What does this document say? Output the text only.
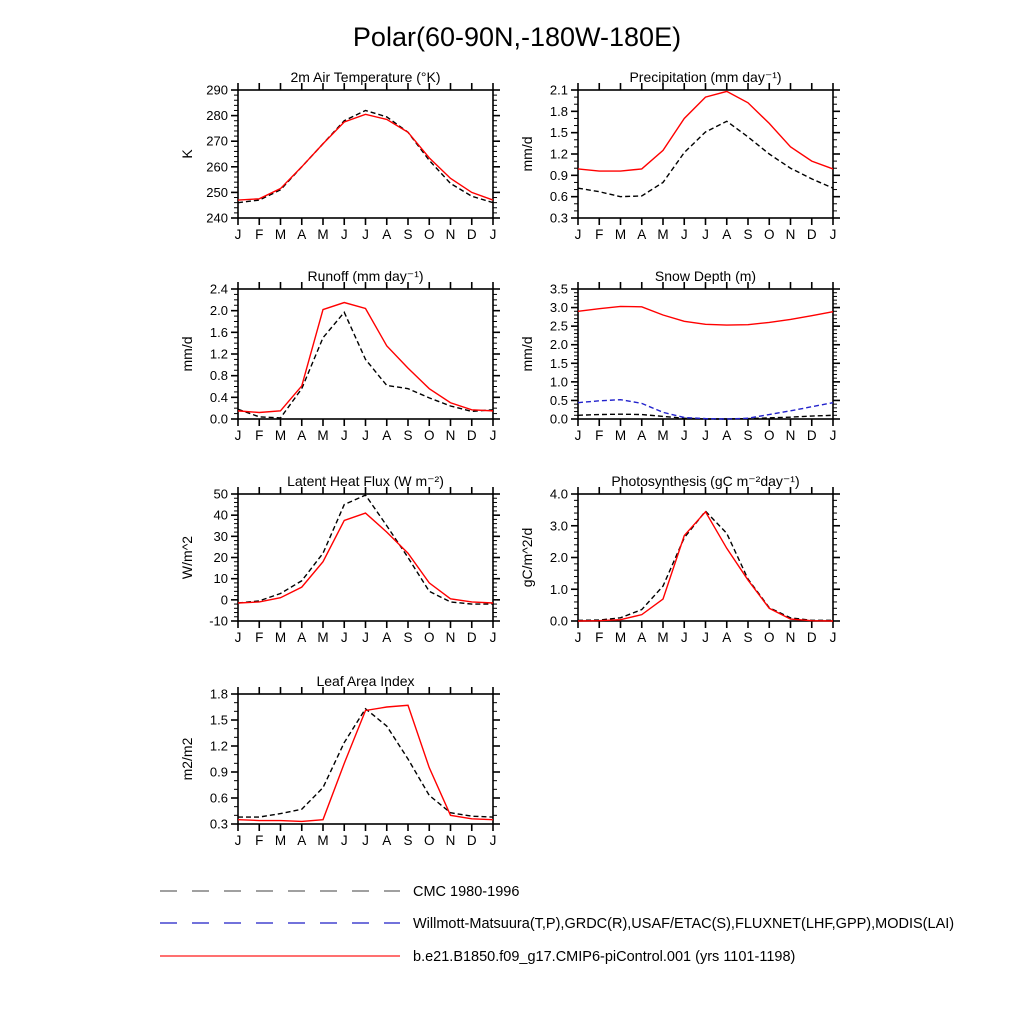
Polar(60-90N,-180W-180E)
2m Air Temperature (°K)
K
240
250
260
270
280
290
J F M A M J J A S O N D J
Precipitation (mm day⁻¹)
mm/d
0.3
0.6
0.9
1.2
1.5
1.8
2.1
J F M A M J J A S O N D J
Runoff (mm day⁻¹)
mm/d
0.0
0.4
0.8
1.2
1.6
2.0
2.4
J F M A M J J A S O N D J
Snow Depth (m)
mm/d
0.0
0.5
1.0
1.5
2.0
2.5
3.0
3.5
J F M A M J J A S O N D J
Latent Heat Flux (W m⁻²)
W/m^2
-10
0
10
20
30
40
50
J F M A M J J A S O N D J
Photosynthesis (gC m⁻²day⁻¹)
gC/m^2/d
0.0
1.0
2.0
3.0
4.0
J F M A M J J A S O N D J
Leaf Area Index
m2/m2
0.3
0.6
0.9
1.2
1.5
1.8
J F M A M J J A S O N D J
CMC 1980-1996
Willmott-Matsuura(T,P),GRDC(R),USAF/ETAC(S),FLUXNET(LHF,GPP),MODIS(LAI)
b.e21.B1850.f09_g17.CMIP6-piControl.001 (yrs 1101-1198)
